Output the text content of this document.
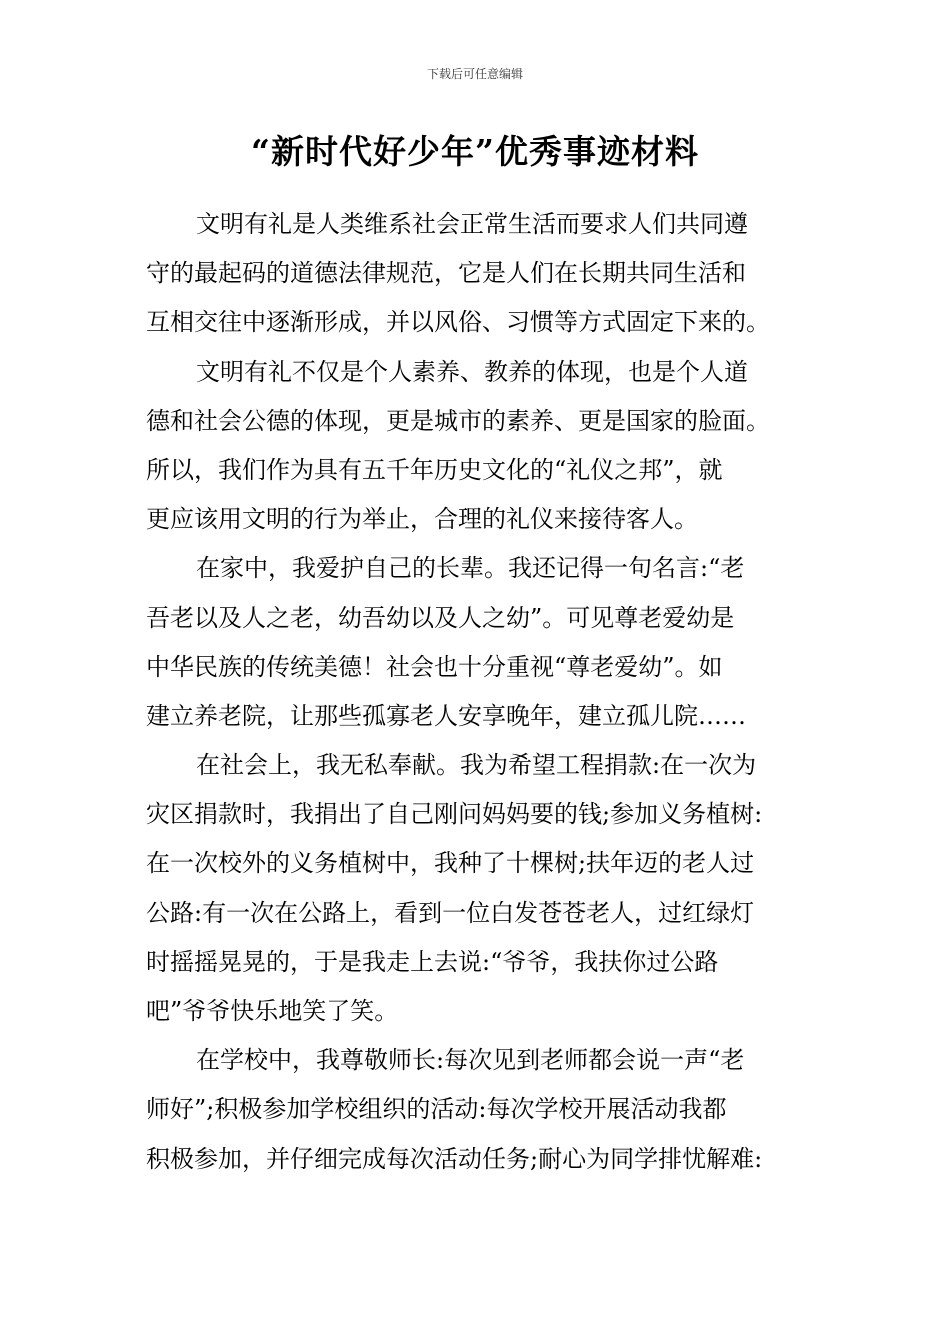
下载后可任意编辑
“新时代好少年”优秀事迹材料
文明有礼是人类维系社会正常生活而要求人们共同遵
守的最起码的道德法律规范，它是人们在长期共同生活和
互相交往中逐渐形成，并以风俗、习惯等方式固定下来的。
文明有礼不仅是个人素养、教养的体现，也是个人道
德和社会公德的体现，更是城市的素养、更是国家的脸面。
所以，我们作为具有五千年历史文化的“礼仪之邦”，就
更应该用文明的行为举止，合理的礼仪来接待客人。
在家中，我爱护自己的长辈。我还记得一句名言:“老
吾老以及人之老，幼吾幼以及人之幼”。可见尊老爱幼是
中华民族的传统美德！社会也十分重视“尊老爱幼”。如
建立养老院，让那些孤寡老人安享晚年，建立孤儿院……
在社会上，我无私奉献。我为希望工程捐款:在一次为
灾区捐款时，我捐出了自己刚问妈妈要的钱;参加义务植树:
在一次校外的义务植树中，我种了十棵树;扶年迈的老人过
公路:有一次在公路上，看到一位白发苍苍老人，过红绿灯
时摇摇晃晃的，于是我走上去说:“爷爷，我扶你过公路
吧”爷爷快乐地笑了笑。
在学校中，我尊敬师长:每次见到老师都会说一声“老
师好”;积极参加学校组织的活动:每次学校开展活动我都
积极参加，并仔细完成每次活动任务;耐心为同学排忧解难:
